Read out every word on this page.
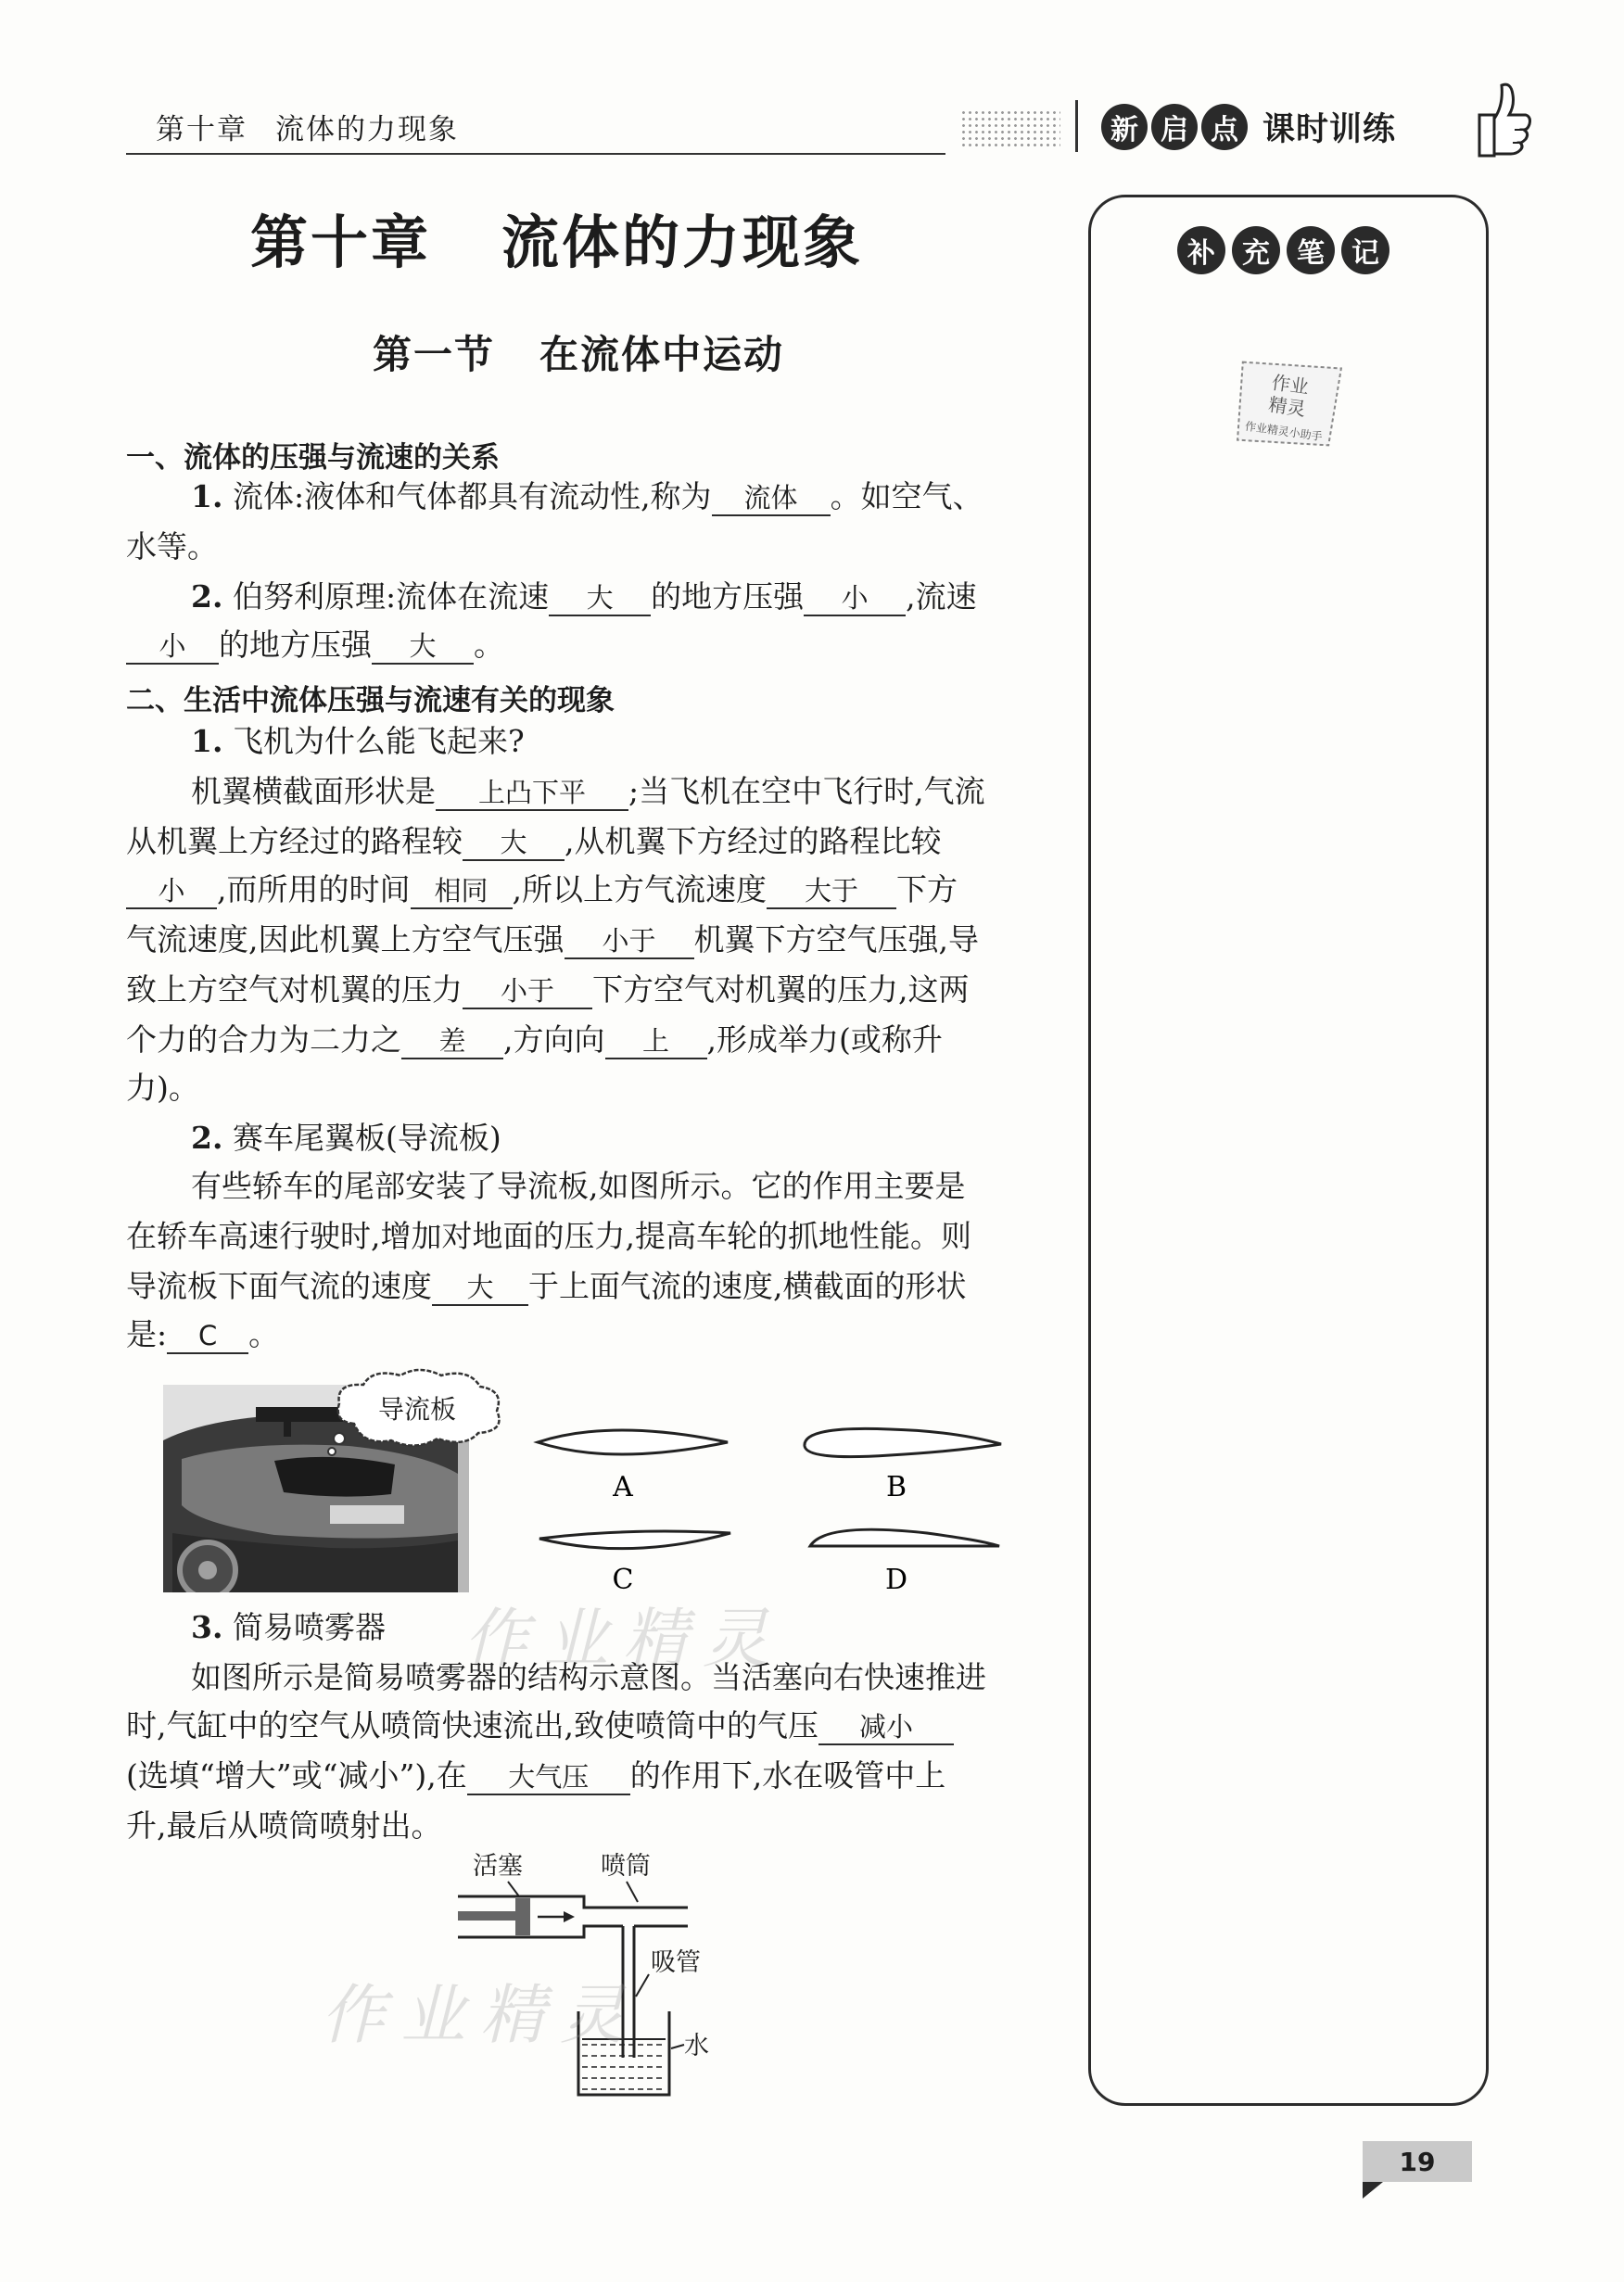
第十章 流体的力现象	新 启 点 课时训练
第十章 流体的力现象
第一节 在流体中运动
一、流体的压强与流速的关系
1. 流体:液体和气体都具有流动性,称为 流体 。如空气、
水等。
2. 伯努利原理:流体在流速 大 的地方压强 小 ,流速
小 的地方压强 大 。
二、生活中流体压强与流速有关的现象
1. 飞机为什么能飞起来?
机翼横截面形状是 上凸下平 ;当飞机在空中飞行时,气流
从机翼上方经过的路程较 大 ,从机翼下方经过的路程比较
小 ,而所用的时间 相同 ,所以上方气流速度 大于 下方
气流速度,因此机翼上方空气压强 小于 机翼下方空气压强,导
致上方空气对机翼的压力 小于 下方空气对机翼的压力,这两
个力的合力为二力之 差 ,方向向 上 ,形成举力(或称升
力)。
2. 赛车尾翼板(导流板)
有些轿车的尾部安装了导流板,如图所示。它的作用主要是
在轿车高速行驶时,增加对地面的压力,提高车轮的抓地性能。则
导流板下面气流的速度 大 于上面气流的速度,横截面的形状
是: C 。
导流板
A	B
C	D
3. 简易喷雾器 作业精灵
如图所示是简易喷雾器的结构示意图。当活塞向右快速推进
时,气缸中的空气从喷筒快速流出,致使喷筒中的气压 减小
(选填“增大”或“减小”),在 大气压 的作用下,水在吸管中上
升,最后从喷筒喷射出。
活塞	喷筒
吸管
水
作业精灵
补 充 笔 记
作业
精灵
作业精灵小助手
19
